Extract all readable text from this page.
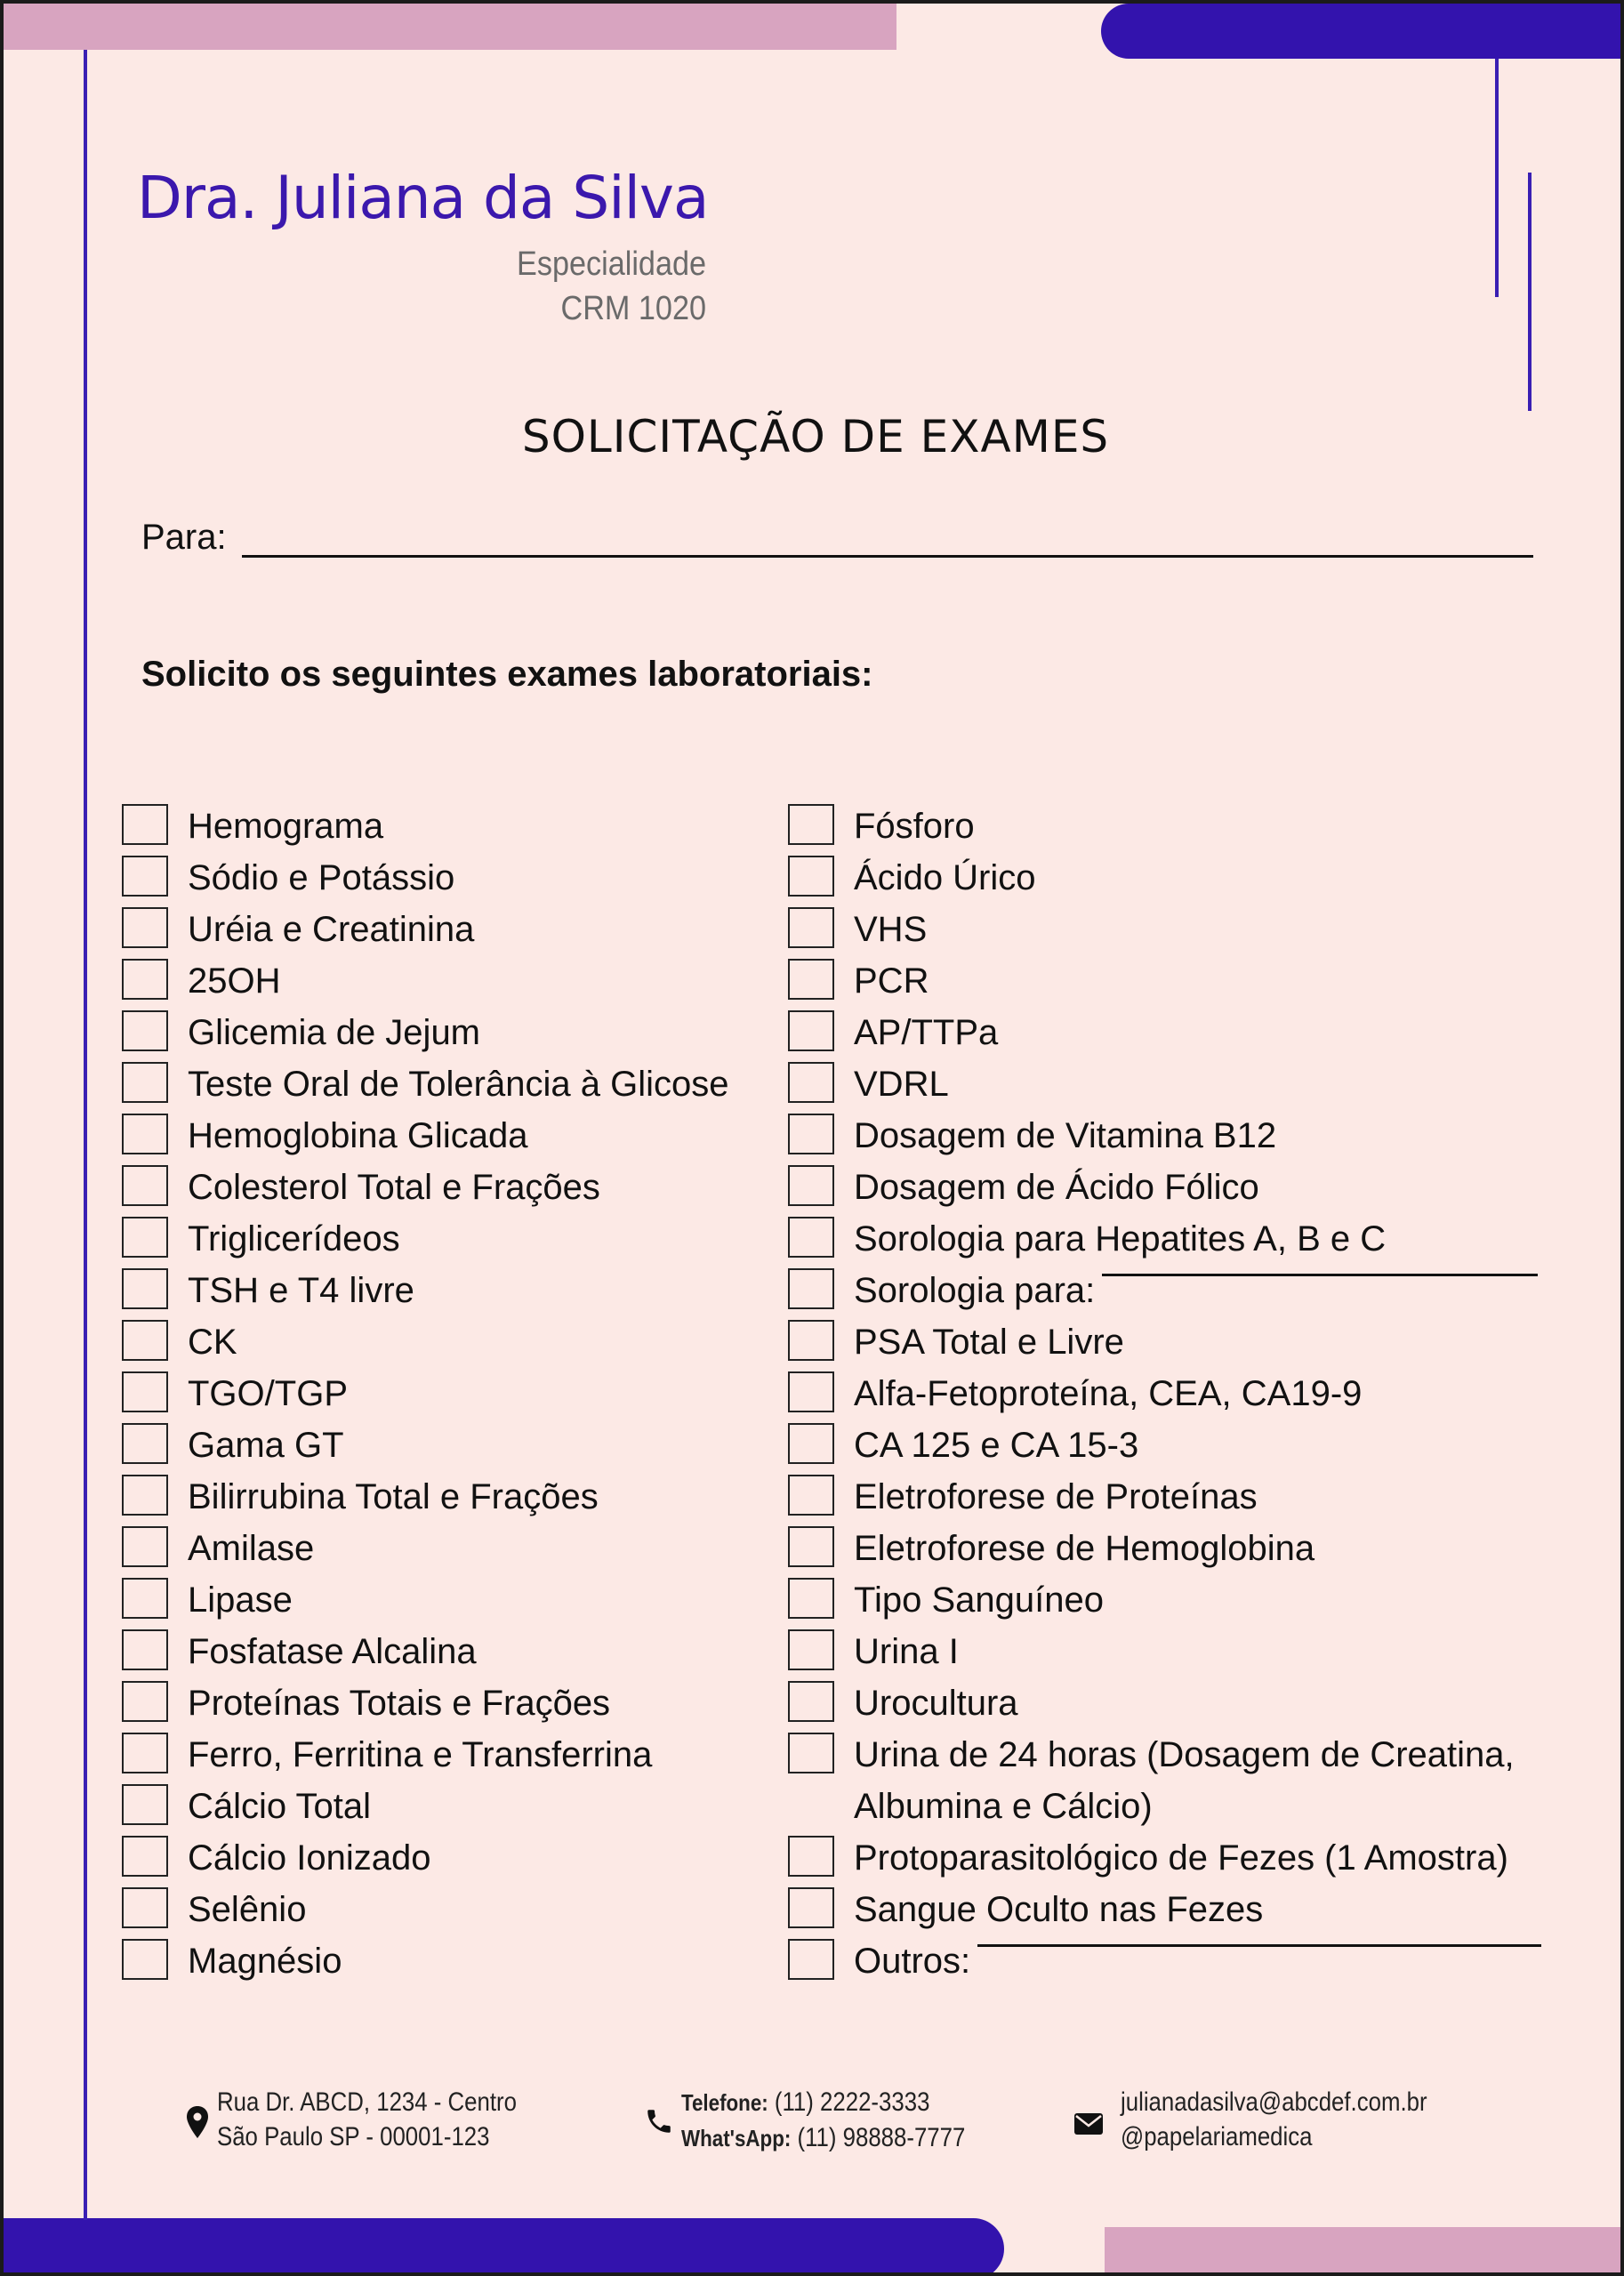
Dra. Juliana da Silva
Especialidade
CRM 1020
SOLICITAÇÃO DE EXAMES
Para:
Solicito os seguintes exames laboratoriais:
Hemograma
Sódio e Potássio
Uréia e Creatinina
25OH
Glicemia de Jejum
Teste Oral de Tolerância à Glicose
Hemoglobina Glicada
Colesterol Total e Frações
Triglicerídeos
TSH e T4 livre
CK
TGO/TGP
Gama GT
Bilirrubina Total e Frações
Amilase
Lipase
Fosfatase Alcalina
Proteínas Totais e Frações
Ferro, Ferritina e Transferrina
Cálcio Total
Cálcio Ionizado
Selênio
Magnésio
Fósforo
Ácido Úrico
VHS
PCR
AP/TTPa
VDRL
Dosagem de Vitamina B12
Dosagem de Ácido Fólico
Sorologia para Hepatites A, B e C
Sorologia para:
PSA Total e Livre
Alfa-Fetoproteína, CEA, CA19-9
CA 125 e CA 15-3
Eletroforese de Proteínas
Eletroforese de Hemoglobina
Tipo Sanguíneo
Urina I
Urocultura
Urina de 24 horas (Dosagem de Creatina, Albumina e Cálcio)
Protoparasitológico de Fezes (1 Amostra)
Sangue Oculto nas Fezes
Outros:
Rua Dr. ABCD, 1234 - Centro
São Paulo SP - 00001-123
Telefone: (11) 2222-3333
What'sApp: (11) 98888-7777
julianadasilva@abcdef.com.br
@papelariamedica
